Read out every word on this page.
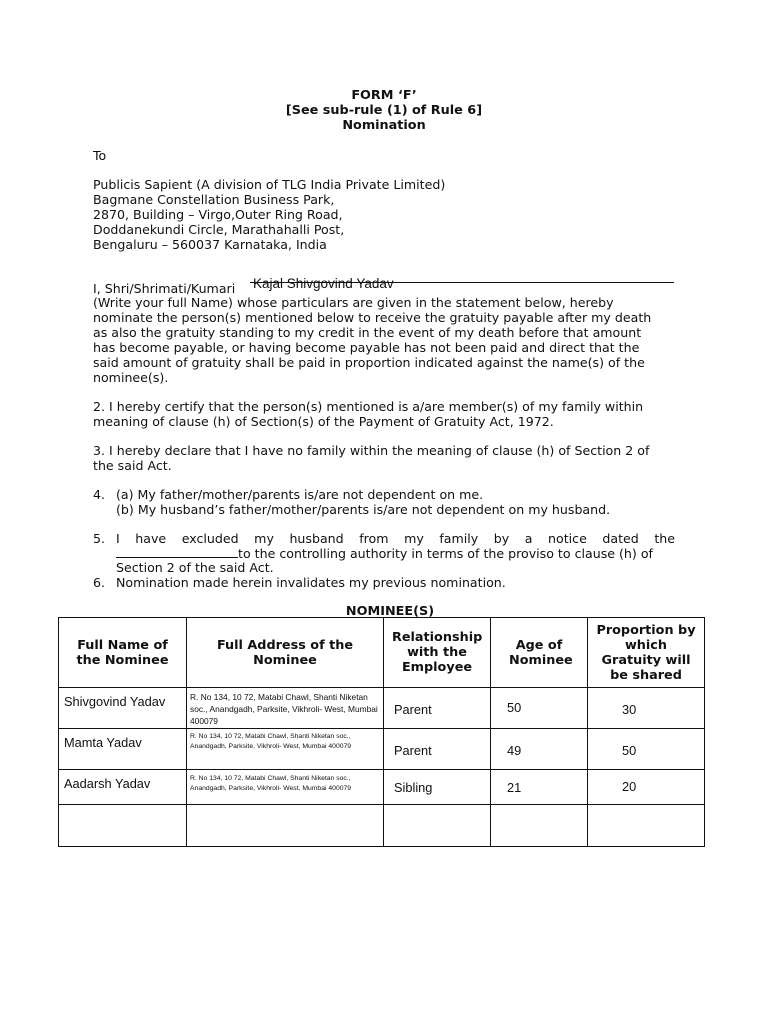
FORM ‘F’
[See sub-rule (1) of Rule 6]
Nomination
To
Publicis Sapient (A division of TLG India Private Limited)
Bagmane Constellation Business Park,
2870, Building – Virgo,Outer Ring Road,
Doddanekundi Circle, Marathahalli Post,
Bengaluru – 560037 Karnataka, India
I, Shri/Shrimati/Kumari Kajal Shivgovind Yadav
(Write your full Name) whose particulars are given in the statement below, hereby
nominate the person(s) mentioned below to receive the gratuity payable after my death
as also the gratuity standing to my credit in the event of my death before that amount
has become payable, or having become payable has not been paid and direct that the
said amount of gratuity shall be paid in proportion indicated against the name(s) of the
nominee(s).
2. I hereby certify that the person(s) mentioned is a/are member(s) of my family within
meaning of clause (h) of Section(s) of the Payment of Gratuity Act, 1972.
3. I hereby declare that I have no family within the meaning of clause (h) of Section 2 of
the said Act.
4. (a) My father/mother/parents is/are not dependent on me.
(b) My husband’s father/mother/parents is/are not dependent on my husband.
5. I have excluded my husband from my family by a notice dated the
to the controlling authority in terms of the proviso to clause (h) of
Section 2 of the said Act.
6. Nomination made herein invalidates my previous nomination.
NOMINEE(S)
Full Name of the Nominee	Full Address of the Nominee	Relationship with the Employee	Age of Nominee	Proportion by which Gratuity will be shared

Shivgovind Yadav	R. No 134, 10 72, Matabi Chawl, Shanti Niketan soc., Anandgadh, Parksite, Vikhroli- West, Mumbai 400079	Parent	50	30

Mamta Yadav	R. No 134, 10 72, Matabi Chawl, Shanti Niketan soc., Anandgadh, Parksite, Vikhroli- West, Mumbai 400079	Parent	49	50

Aadarsh Yadav	R. No 134, 10 72, Matabi Chawl, Shanti Niketan soc., Anandgadh, Parksite, Vikhroli- West, Mumbai 400079	Sibling	21	20
